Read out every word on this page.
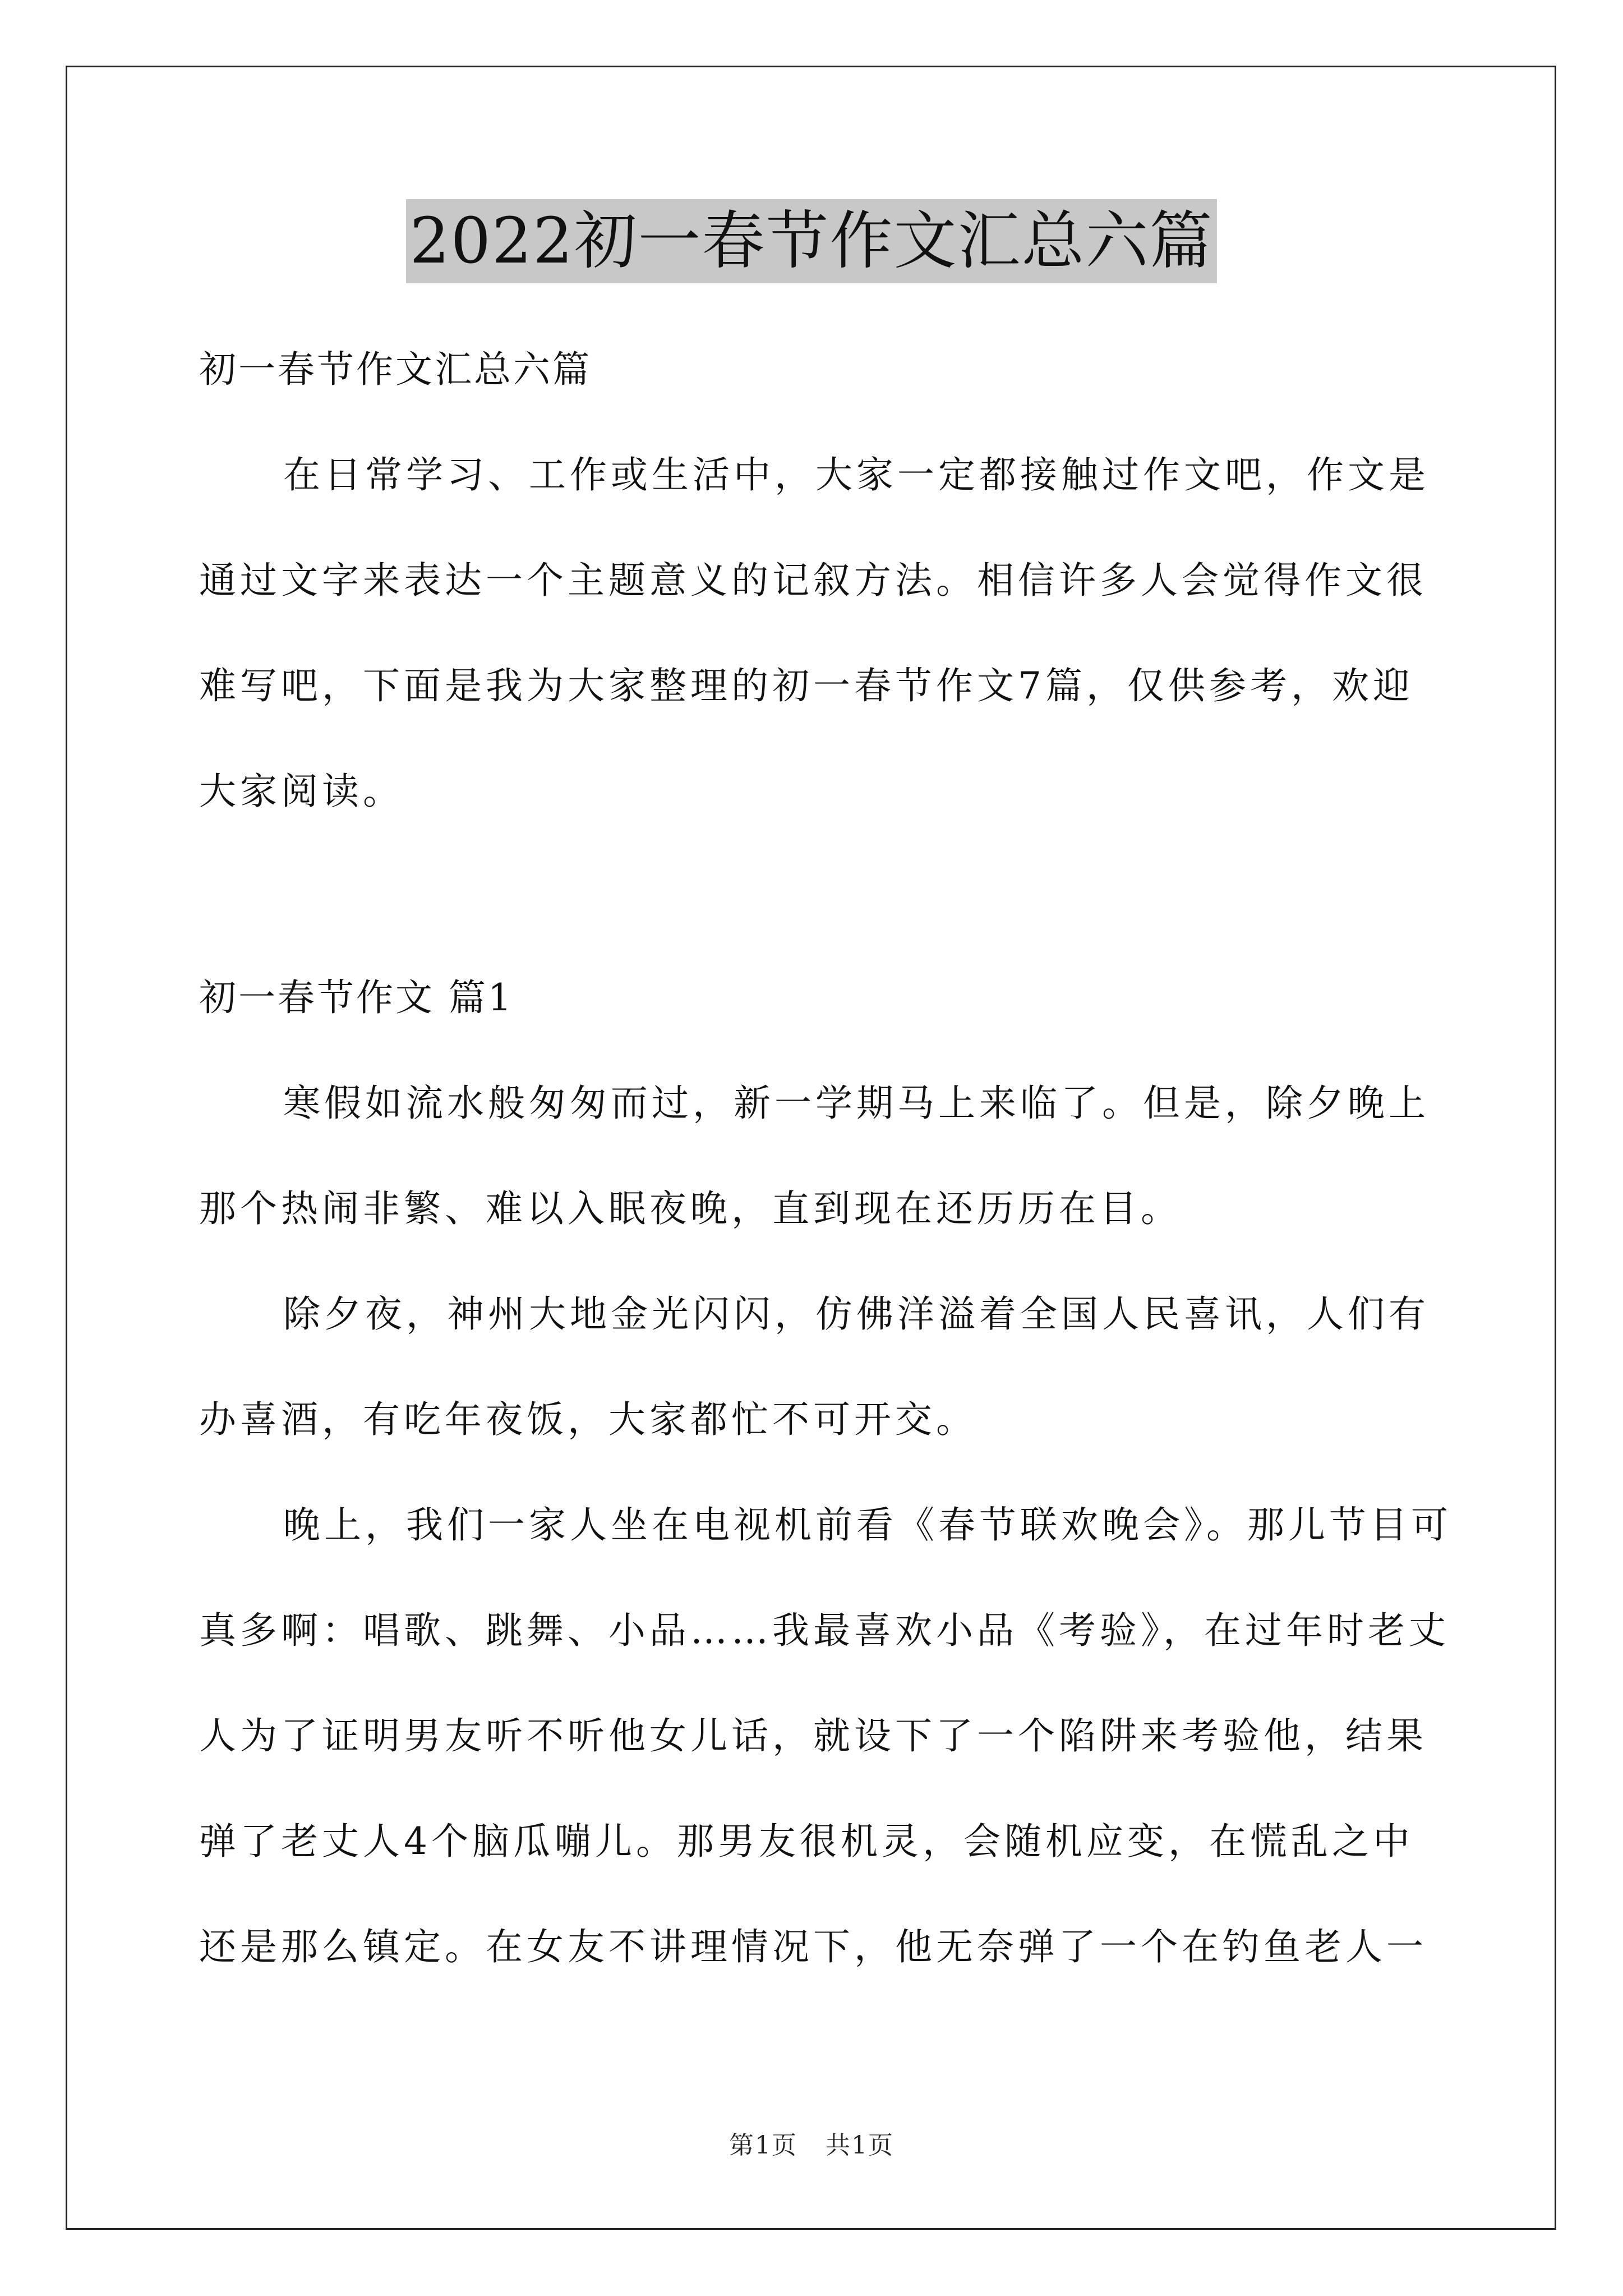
2022初一春节作文汇总六篇
初一春节作文汇总六篇
在日常学习、工作或生活中，大家一定都接触过作文吧，作文是
通过文字来表达一个主题意义的记叙方法。相信许多人会觉得作文很
难写吧，下面是我为大家整理的初一春节作文7篇，仅供参考，欢迎
大家阅读。
初一春节作文 篇1
寒假如流水般匆匆而过，新一学期马上来临了。但是，除夕晚上
那个热闹非繁、难以入眠夜晚，直到现在还历历在目。
除夕夜，神州大地金光闪闪，仿佛洋溢着全国人民喜讯，人们有
办喜酒，有吃年夜饭，大家都忙不可开交。
晚上，我们一家人坐在电视机前看《春节联欢晚会》。那儿节目可
真多啊：唱歌、跳舞、小品……我最喜欢小品《考验》，在过年时老丈
人为了证明男友听不听他女儿话，就设下了一个陷阱来考验他，结果
弹了老丈人4个脑瓜嘣儿。那男友很机灵，会随机应变，在慌乱之中
还是那么镇定。在女友不讲理情况下，他无奈弹了一个在钓鱼老人一
第1页 共1页
